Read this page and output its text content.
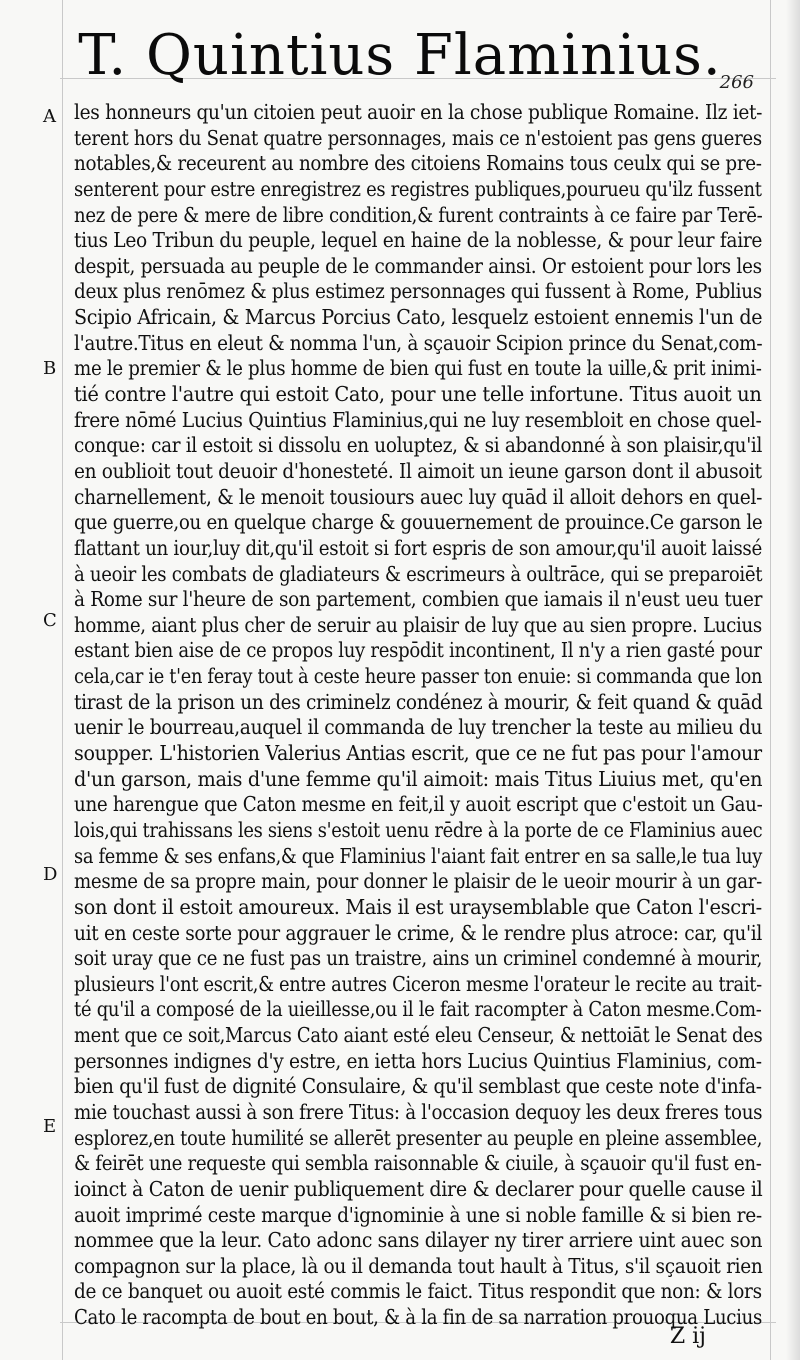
T. Quintius Flaminius.
266
A
B
C
D
E
les honneurs qu'un citoien peut auoir en la chose publique Romaine. Ilz iet-
terent hors du Senat quatre personnages, mais ce n'estoient pas gens gueres
notables,& receurent au nombre des citoiens Romains tous ceulx qui se pre-
senterent pour estre enregistrez es registres publiques,pourueu qu'ilz fussent
nez de pere & mere de libre condition,& furent contraints à ce faire par Terē-
tius Leo Tribun du peuple, lequel en haine de la noblesse, & pour leur faire
despit, persuada au peuple de le commander ainsi. Or estoient pour lors les
deux plus renōmez & plus estimez personnages qui fussent à Rome, Publius
Scipio Africain, & Marcus Porcius Cato, lesquelz estoient ennemis l'un de
l'autre.Titus en eleut & nomma l'un, à sçauoir Scipion prince du Senat,com-
me le premier & le plus homme de bien qui fust en toute la uille,& prit inimi-
tié contre l'autre qui estoit Cato, pour une telle infortune. Titus auoit un
frere nōmé Lucius Quintius Flaminius,qui ne luy resembloit en chose quel-
conque: car il estoit si dissolu en uoluptez, & si abandonné à son plaisir,qu'il
en oublioit tout deuoir d'honesteté. Il aimoit un ieune garson dont il abusoit
charnellement, & le menoit tousiours auec luy quād il alloit dehors en quel-
que guerre,ou en quelque charge & gouuernement de prouince.Ce garson le
flattant un iour,luy dit,qu'il estoit si fort espris de son amour,qu'il auoit laissé
à ueoir les combats de gladiateurs & escrimeurs à oultrāce, qui se preparoiēt
à Rome sur l'heure de son partement, combien que iamais il n'eust ueu tuer
homme, aiant plus cher de seruir au plaisir de luy que au sien propre. Lucius
estant bien aise de ce propos luy respōdit incontinent, Il n'y a rien gasté pour
cela,car ie t'en feray tout à ceste heure passer ton enuie: si commanda que lon
tirast de la prison un des criminelz condénez à mourir, & feit quand & quād
uenir le bourreau,auquel il commanda de luy trencher la teste au milieu du
soupper. L'historien Valerius Antias escrit, que ce ne fut pas pour l'amour
d'un garson, mais d'une femme qu'il aimoit: mais Titus Liuius met, qu'en
une harengue que Caton mesme en feit,il y auoit escript que c'estoit un Gau-
lois,qui trahissans les siens s'estoit uenu rēdre à la porte de ce Flaminius auec
sa femme & ses enfans,& que Flaminius l'aiant fait entrer en sa salle,le tua luy
mesme de sa propre main, pour donner le plaisir de le ueoir mourir à un gar-
son dont il estoit amoureux. Mais il est uraysemblable que Caton l'escri-
uit en ceste sorte pour aggrauer le crime, & le rendre plus atroce: car, qu'il
soit uray que ce ne fust pas un traistre, ains un criminel condemné à mourir,
plusieurs l'ont escrit,& entre autres Ciceron mesme l'orateur le recite au trait-
té qu'il a composé de la uieillesse,ou il le fait racompter à Caton mesme.Com-
ment que ce soit,Marcus Cato aiant esté eleu Censeur, & nettoiāt le Senat des
personnes indignes d'y estre, en ietta hors Lucius Quintius Flaminius, com-
bien qu'il fust de dignité Consulaire, & qu'il semblast que ceste note d'infa-
mie touchast aussi à son frere Titus: à l'occasion dequoy les deux freres tous
esplorez,en toute humilité se allerēt presenter au peuple en pleine assemblee,
& feirēt une requeste qui sembla raisonnable & ciuile, à sçauoir qu'il fust en-
ioinct à Caton de uenir publiquement dire & declarer pour quelle cause il
auoit imprimé ceste marque d'ignominie à une si noble famille & si bien re-
nommee que la leur. Cato adonc sans dilayer ny tirer arriere uint auec son
compagnon sur la place, là ou il demanda tout hault à Titus, s'il sçauoit rien
de ce banquet ou auoit esté commis le faict. Titus respondit que non: & lors
Cato le racompta de bout en bout, & à la fin de sa narration prouoqua Lucius
Z ij
